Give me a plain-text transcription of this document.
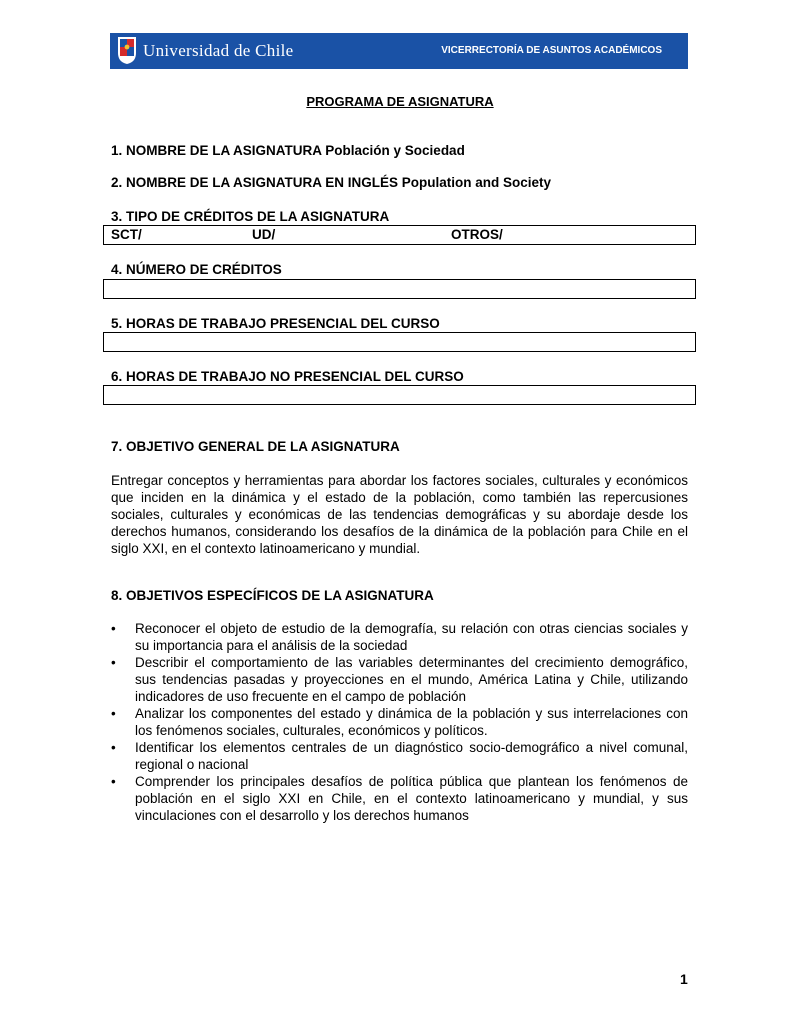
Universidad de Chile	VICERRECTORÍA DE ASUNTOS ACADÉMICOS
PROGRAMA DE ASIGNATURA
1. NOMBRE DE LA ASIGNATURA Población y Sociedad
2. NOMBRE DE LA ASIGNATURA EN INGLÉS Population and Society
3. TIPO DE CRÉDITOS DE LA ASIGNATURA
SCT/	UD/	OTROS/
4. NÚMERO DE CRÉDITOS
5. HORAS DE TRABAJO PRESENCIAL DEL CURSO
6. HORAS DE TRABAJO NO PRESENCIAL DEL CURSO
7. OBJETIVO GENERAL DE LA ASIGNATURA
Entregar conceptos y herramientas para abordar los factores sociales, culturales y económicos que inciden en la dinámica y el estado de la población, como también las repercusiones sociales, culturales y económicas de las tendencias demográficas y su abordaje desde los derechos humanos, considerando los desafíos de la dinámica de la población para Chile en el siglo XXI, en el contexto latinoamericano y mundial.
8. OBJETIVOS ESPECÍFICOS DE LA ASIGNATURA
• Reconocer el objeto de estudio de la demografía, su relación con otras ciencias sociales y su importancia para el análisis de la sociedad
• Describir el comportamiento de las variables determinantes del crecimiento demográfico, sus tendencias pasadas y proyecciones en el mundo, América Latina y Chile, utilizando indicadores de uso frecuente en el campo de población
• Analizar los componentes del estado y dinámica de la población y sus interrelaciones con los fenómenos sociales, culturales, económicos y políticos.
• Identificar los elementos centrales de un diagnóstico socio-demográfico a nivel comunal, regional o nacional
• Comprender los principales desafíos de política pública que plantean los fenómenos de población en el siglo XXI en Chile, en el contexto latinoamericano y mundial, y sus vinculaciones con el desarrollo y los derechos humanos
1
